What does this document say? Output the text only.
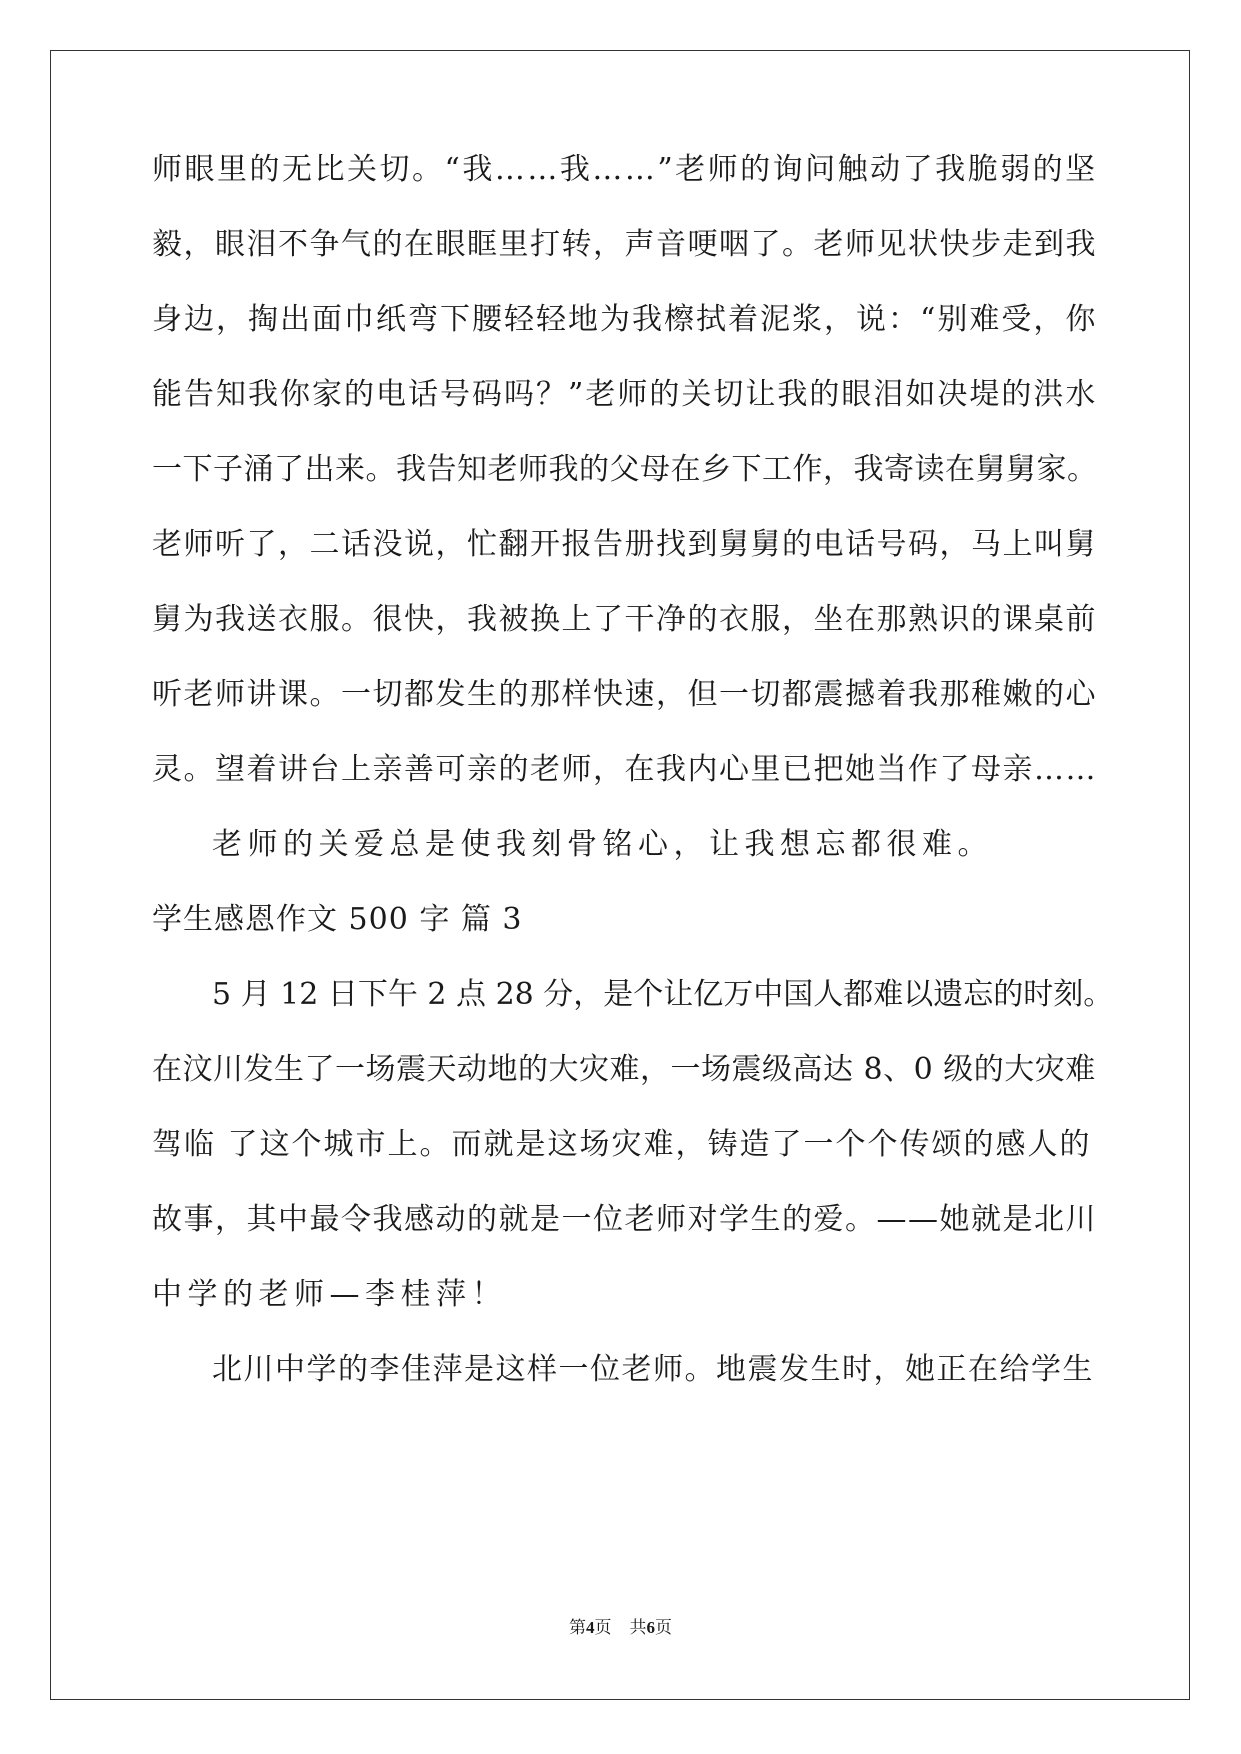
师眼里的无比关切。“我……我……”老师的询问触动了我脆弱的坚
毅，眼泪不争气的在眼眶里打转，声音哽咽了。老师见状快步走到我
身边，掏出面巾纸弯下腰轻轻地为我檫拭着泥浆，说：“别难受，你
能告知我你家的电话号码吗？”老师的关切让我的眼泪如决堤的洪水
一下子涌了出来。我告知老师我的父母在乡下工作，我寄读在舅舅家。
老师听了，二话没说，忙翻开报告册找到舅舅的电话号码，马上叫舅
舅为我送衣服。很快，我被换上了干净的衣服，坐在那熟识的课桌前
听老师讲课。一切都发生的那样快速，但一切都震撼着我那稚嫩的心
灵。望着讲台上亲善可亲的老师，在我内心里已把她当作了母亲……
老师的关爱总是使我刻骨铭心，让我想忘都很难。
学生感恩作文 500 字 篇 3
5 月 12 日下午 2 点 28 分，是个让亿万中国人都难以遗忘的时刻。
在汶川发生了一场震天动地的大灾难，一场震级高达 8、0 级的大灾难
驾临 了这个城市上。而就是这场灾难，铸造了一个个传颂的感人的
故事，其中最令我感动的就是一位老师对学生的爱。——她就是北川
中学的老师—李桂萍！
北川中学的李佳萍是这样一位老师。地震发生时，她正在给学生
第4页 共6页
